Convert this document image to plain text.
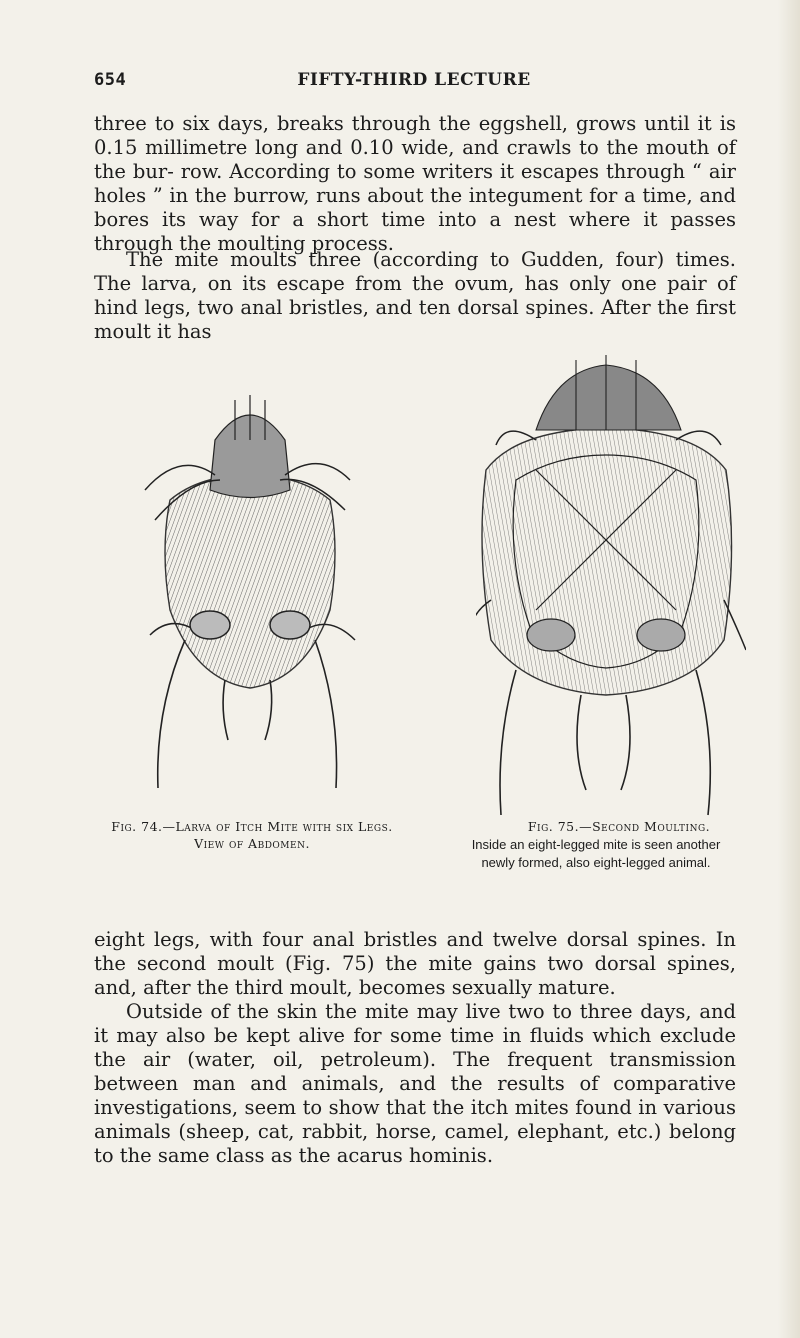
654	FIFTY-THIRD LECTURE

three to six days, breaks through the eggshell, grows until it is 0.15 millimetre long and 0.10 wide, and crawls to the mouth of the bur- row. According to some writers it escapes through “ air holes ” in the burrow, runs about the integument for a time, and bores its way for a short time into a nest where it passes through the moulting process.

The mite moults three (according to Gudden, four) times. The larva, on its escape from the ovum, has only one pair of hind legs, two anal bristles, and ten dorsal spines. After the first moult it has

Fig. 74.—Larva of Itch Mite with six Legs.
View of Abdomen.
Fig. 75.—Second Moulting.
Inside an eight-legged mite is seen another
newly formed, also eight-legged animal.

eight legs, with four anal bristles and twelve dorsal spines. In the second moult (Fig. 75) the mite gains two dorsal spines, and, after the third moult, becomes sexually mature.

Outside of the skin the mite may live two to three days, and it may also be kept alive for some time in fluids which exclude the air (water, oil, petroleum). The frequent transmission between man and animals, and the results of comparative investigations, seem to show that the itch mites found in various animals (sheep, cat, rabbit, horse, camel, elephant, etc.) belong to the same class as the acarus hominis.
